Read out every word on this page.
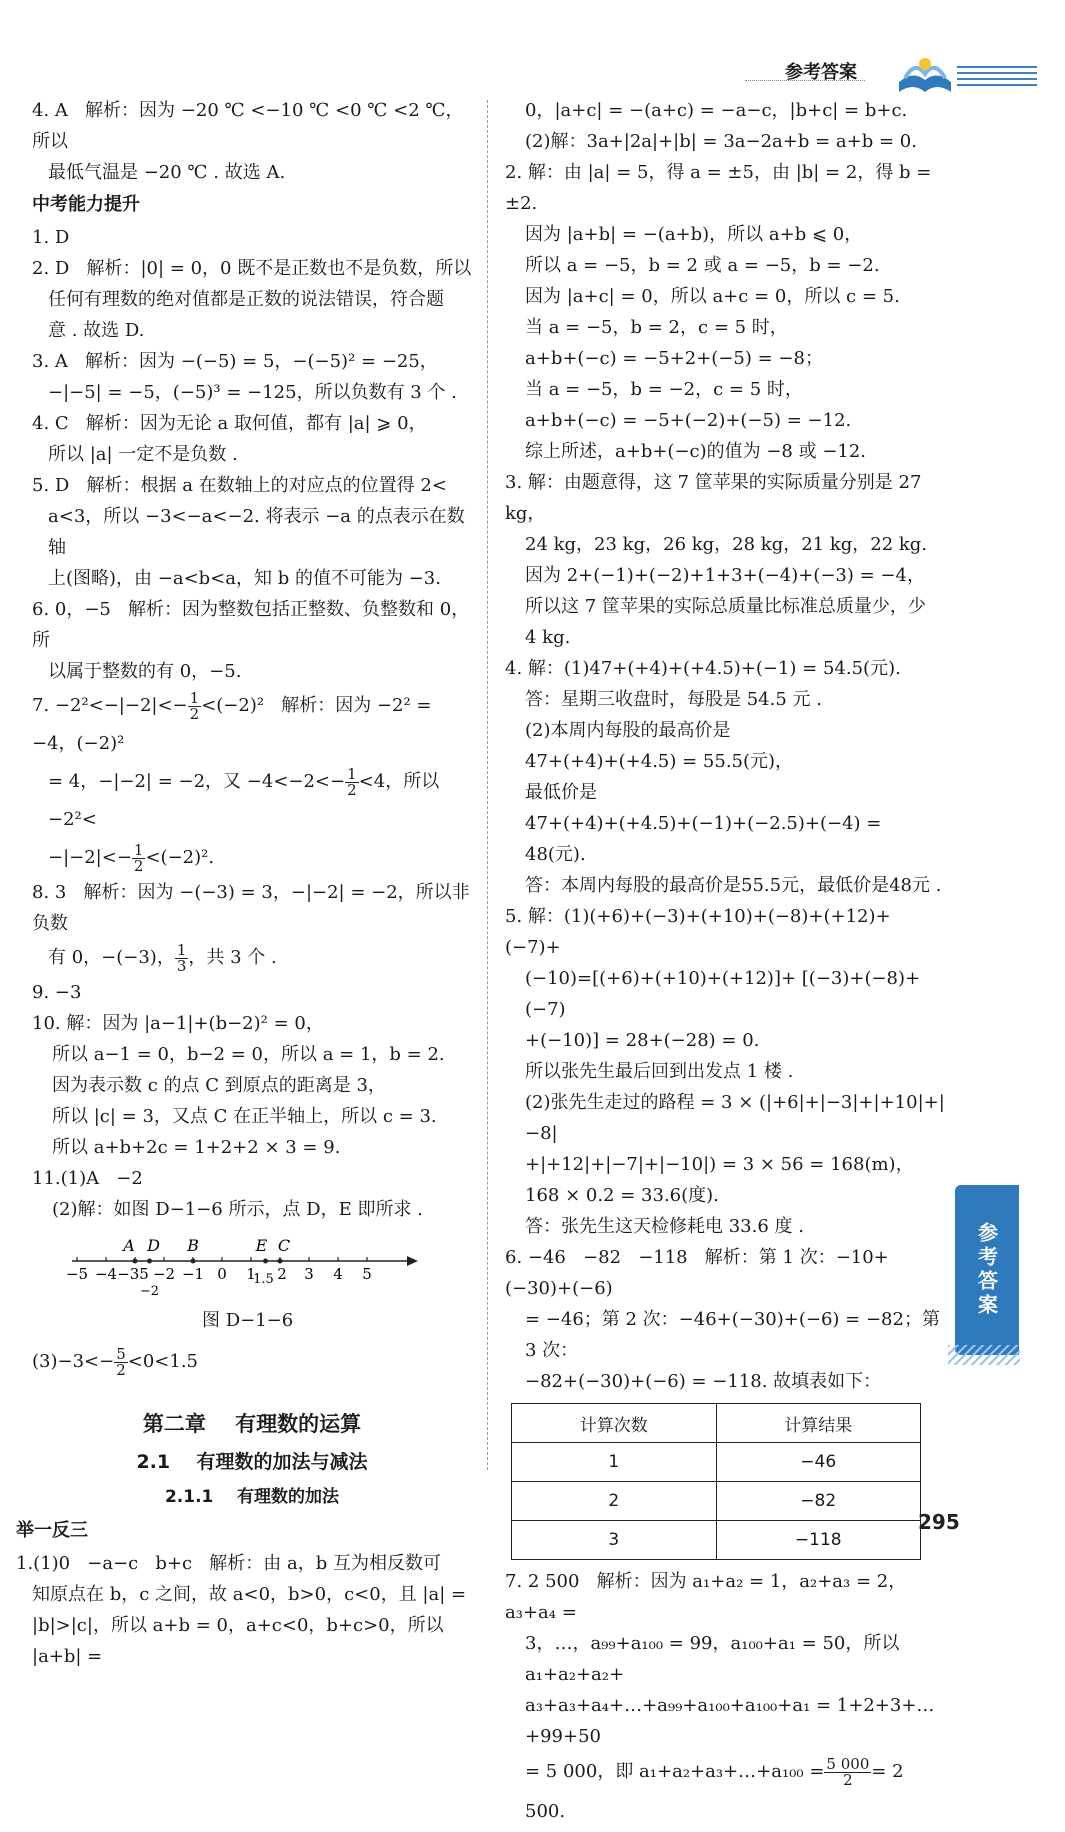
参考答案

4. A   解析：因为 −20 ℃ <−10 ℃ <0 ℃ <2 ℃，所以

最低气温是 −20 ℃ . 故选 A.

中考能力提升

1. D

2. D   解析：|0| = 0，0 既不是正数也不是负数，所以

任何有理数的绝对值都是正数的说法错误，符合题

意 . 故选 D.

3. A   解析：因为 −(−5) = 5，−(−5)² = −25，

−|−5| = −5，(−5)³ = −125，所以负数有 3 个 .

4. C   解析：因为无论 a 取何值，都有 |a| ⩾ 0，

所以 |a| 一定不是负数 .

5. D   解析：根据 a 在数轴上的对应点的位置得 2<

a<3，所以 −3<−a<−2. 将表示 −a 的点表示在数轴

上(图略)，由 −a<b<a，知 b 的值不可能为 −3.

6. 0，−5   解析：因为整数包括正整数、负整数和 0，所

以属于整数的有 0，−5.

7. $-2^2<-|-2|<- \frac{1}{2} <(-2)^2$   解析：因为 −2² = −4，(−2)²

= 4，−|−2| = −2，又 $-4<-2<- \frac{1}{2} <4$，所以 −2²<

$-|-2|<- \frac{1}{2} <(-2)^2$.

8. 3   解析：因为 −(−3) = 3，−|−2| = −2，所以非负数

有 0，−(−3)， $\frac{1}{3}$ ，共 3 个 .

9. −3

10. 解：因为 |a−1|+(b−2)² = 0，

所以 a−1 = 0，b−2 = 0，所以 a = 1，b = 2.

因为表示数 c 的点 C 到原点的距离是 3，

所以 |c| = 3，又点 C 在正半轴上，所以 c = 3.

所以 a+b+2c = 1+2+2 × 3 = 9.

11.(1)A   −2

(2)解：如图 D−1−6 所示，点 D，E 即所求 .

−5 −4 −2 −1 0 1	3 4 5
−35
−2
1.5 2
A D B	E C

图 D−1−6

$(3)-3<- \frac{5}{2} <0<1.5$

第二章    有理数的运算

2.1    有理数的加法与减法

2.1.1    有理数的加法

举一反三

1.(1)0   −a−c   b+c   解析：由 a，b 互为相反数可

知原点在 b，c 之间，故 a<0，b>0，c<0，且 |a| =

|b|>|c|，所以 a+b = 0，a+c<0，b+c>0，所以 |a+b| =

0，|a+c| = −(a+c) = −a−c，|b+c| = b+c.

(2)解：3a+|2a|+|b| = 3a−2a+b = a+b = 0.

2. 解：由 |a| = 5，得 a = ±5，由 |b| = 2，得 b = ±2.

因为 |a+b| = −(a+b)，所以 a+b ⩽ 0，

所以 a = −5，b = 2 或 a = −5，b = −2.

因为 |a+c| = 0，所以 a+c = 0，所以 c = 5.

当 a = −5，b = 2，c = 5 时，

a+b+(−c) = −5+2+(−5) = −8；

当 a = −5，b = −2，c = 5 时，

a+b+(−c) = −5+(−2)+(−5) = −12.

综上所述，a+b+(−c)的值为 −8 或 −12.

3. 解：由题意得，这 7 筐苹果的实际质量分别是 27 kg，

24 kg，23 kg，26 kg，28 kg，21 kg，22 kg.

因为 2+(−1)+(−2)+1+3+(−4)+(−3) = −4，

所以这 7 筐苹果的实际总质量比标准总质量少，少

4 kg.

4. 解：(1)47+(+4)+(+4.5)+(−1) = 54.5(元).

答：星期三收盘时，每股是 54.5 元 .

(2)本周内每股的最高价是

47+(+4)+(+4.5) = 55.5(元)，

最低价是

47+(+4)+(+4.5)+(−1)+(−2.5)+(−4) = 48(元).

答：本周内每股的最高价是55.5元，最低价是48元 .

5. 解：(1)(+6)+(−3)+(+10)+(−8)+(+12)+(−7)+

(−10)=[(+6)+(+10)+(+12)]+ [(−3)+(−8)+(−7)

+(−10)] = 28+(−28) = 0.

所以张先生最后回到出发点 1 楼 .

(2)张先生走过的路程 = 3 × (|+6|+|−3|+|+10|+|−8|

+|+12|+|−7|+|−10|) = 3 × 56 = 168(m)，

168 × 0.2 = 33.6(度).

答：张先生这天检修耗电 33.6 度 .

6. −46   −82   −118   解析：第 1 次：−10+(−30)+(−6)

= −46；第 2 次：−46+(−30)+(−6) = −82；第 3 次：

−82+(−30)+(−6) = −118. 故填表如下：

计算次数	计算结果
1	−46
2	−82
3	−118

7. 2 500   解析：因为 a₁+a₂ = 1，a₂+a₃ = 2，a₃+a₄ =

3，…，a₉₉+a₁₀₀ = 99，a₁₀₀+a₁ = 50，所以 a₁+a₂+a₂+

a₃+a₃+a₄+…+a₉₉+a₁₀₀+a₁₀₀+a₁ = 1+2+3+…+99+50

= 5 000，即 a₁+a₂+a₃+…+a₁₀₀ = $\frac{5 000}{2} = 2$ 500.

参考答案
295
